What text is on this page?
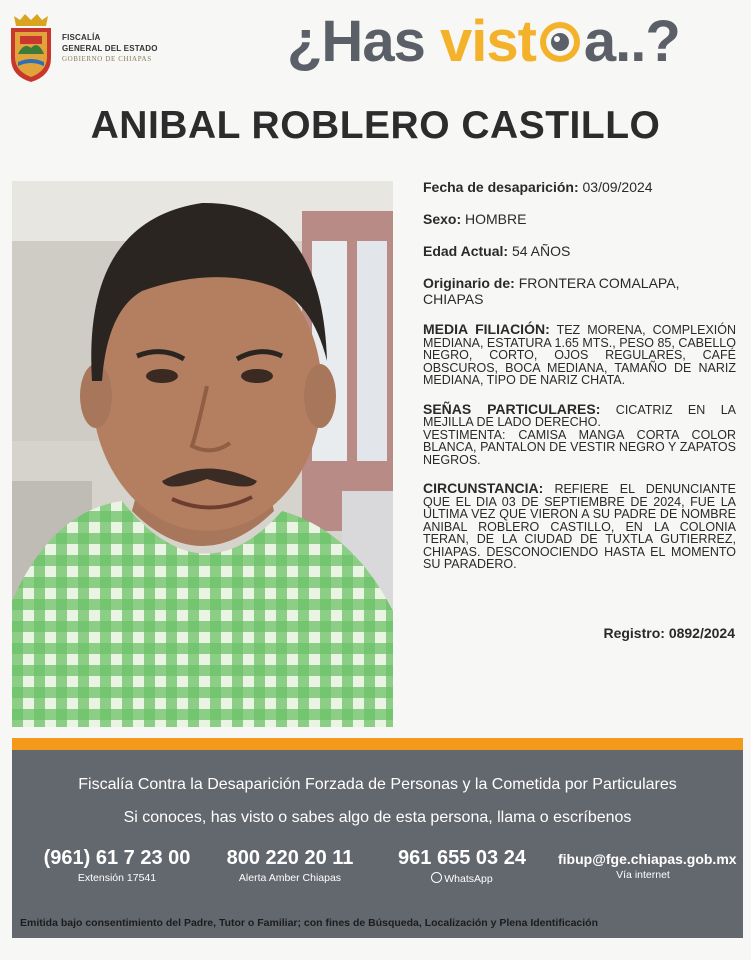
FISCALÍA
GENERAL DEL ESTADO
GOBIERNO DE CHIAPAS ¿Has vist a..?
ANIBAL ROBLERO CASTILLO
Fecha de desaparición: 03/09/2024
Sexo: HOMBRE
Edad Actual: 54 AÑOS
Originario de: FRONTERA COMALAPA, CHIAPAS
MEDIA FILIACIÓN: TEZ MORENA, COMPLEXIÓN MEDIANA, ESTATURA 1.65 MTS., PESO 85, CABELLO NEGRO, CORTO, OJOS REGULARES, CAFÉ OBSCUROS, BOCA MEDIANA, TAMAÑO DE NARIZ MEDIANA, TIPO DE NARIZ CHATA.
SEÑAS PARTICULARES: CICATRIZ EN LA MEJILLA DE LADO DERECHO.
VESTIMENTA: CAMISA MANGA CORTA COLOR BLANCA, PANTALON DE VESTIR NEGRO Y ZAPATOS NEGROS.
CIRCUNSTANCIA: REFIERE EL DENUNCIANTE QUE EL DIA 03 DE SEPTIEMBRE DE 2024, FUE LA ULTIMA VEZ QUE VIERON A SU PADRE DE NOMBRE ANIBAL ROBLERO CASTILLO, EN LA COLONIA TERAN, DE LA CIUDAD DE TUXTLA GUTIERREZ, CHIAPAS. DESCONOCIENDO HASTA EL MOMENTO SU PARADERO.
Registro: 0892/2024
Fiscalía Contra la Desaparición Forzada de Personas y la Cometida por Particulares
Si conoces, has visto o sabes algo de esta persona, llama o escríbenos
(961) 61 7 23 00
Extensión 17541
800 220 20 11
Alerta Amber Chiapas
961 655 03 24
WhatsApp
fibup@fge.chiapas.gob.mx
Vía internet
Emitida bajo consentimiento del Padre, Tutor o Familiar; con fines de Búsqueda, Localización y Plena Identificación
